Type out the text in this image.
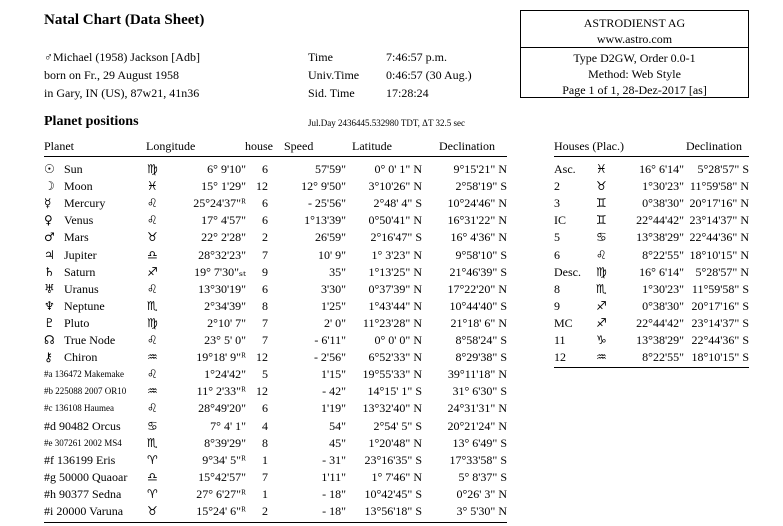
Natal Chart (Data Sheet)
♂Michael (1958) Jackson [Adb]
born on Fr., 29 August 1958
in Gary, IN (US), 87w21, 41n36
Time	7:46:57 p.m.
Univ.Time 0:46:57 (30 Aug.)
Sid. Time	17:28:24
ASTRODIENST AG
www.astro.com
Type D2GW, Order 0.0-1
Method: Web Style
Page 1 of 1, 28-Dez-2017 [as]
Planet positions	Jul.Day 2436445.532980 TDT, ΔT 32.5 sec
Planet	Longitude	house Speed	Latitude	Declination	Houses (Plac.)	Declination
☉ Sun	♍	6° 9'10"	6	57'59"	0° 0' 1" N	9°15'21" N
☽ Moon	♓	15° 1'29" 12	12° 9'50"	3°10'26" N	2°58'19" S
☿ Mercury	♌	25°24'37"ᴿ	6	- 25'56"	2°48' 4" S	10°24'46" N
♀ Venus	♌	17° 4'57"	6	1°13'39"	0°50'41" N	16°31'22" N
♂ Mars	♉	22° 2'28"	2	26'59"	2°16'47" S	16° 4'36" N
♃ Jupiter	♎	28°32'23"	7	10' 9"	1° 3'23" N	9°58'10" S
♄ Saturn	♐	19° 7'30"ₛₜ	9	35"	1°13'25" N	21°46'39" S
♅ Uranus	♌	13°30'19"	6	3'30"	0°37'39" N	17°22'20" N
♆ Neptune	♏	2°34'39"	8	1'25"	1°43'44" N	10°44'40" S
♇ Pluto	♍	2°10' 7"	7	2' 0"	11°23'28" N	21°18' 6" N
☊ True Node	♌	23° 5' 0"	7	- 6'11"	0° 0' 0" N	8°58'24" S
⚷ Chiron	♒	19°18' 9"ᴿ 12	- 2'56"	6°52'33" N	8°29'38" S
#a 136472 Makemake ♌	1°24'42"	5	1'15"	19°55'33" N	39°11'18" N
#b 225088 2007 OR10 ♒	11° 2'33"ᴿ 12	- 42"	14°15' 1" S	31° 6'30" S
#c 136108 Haumea	♌	28°49'20"	6	1'19"	13°32'40" N	24°31'31" N
#d 90482 Orcus ♋	7° 4' 1"	4	54"	2°54' 5" S	20°21'24" N
#e 307261 2002 MS4 ♏	8°39'29"	8	45"	1°20'48" N	13° 6'49" S
#f 136199 Eris	♈	9°34' 5"ᴿ	1	- 31"	23°16'35" S	17°33'58" S
#g 50000 Quaoar ♎	15°42'57"	7	1'11"	1° 7'46" N	5° 8'37" S
#h 90377 Sedna ♈	27° 6'27"ᴿ	1	- 18"	10°42'45" S	0°26' 3" N
#i 20000 Varuna ♉	15°24' 6"ᴿ	2	- 18"	13°56'18" S	3° 5'30" N
Asc. ♓	16° 6'14"	5°28'57" S
2	♉	1°30'23" 11°59'58" N
3	♊	0°38'30" 20°17'16" N
IC	♊	22°44'42" 23°14'37" N
5	♋	13°38'29" 22°44'36" N
6	♌	8°22'55" 18°10'15" N
Desc. ♍	16° 6'14" 5°28'57" N
8	♏	1°30'23" 11°59'58" S
9	♐	0°38'30" 20°17'16" S
MC ♐	22°44'42" 23°14'37" S
11	♑	13°38'29" 22°44'36" S
12	♒	8°22'55" 18°10'15" S
